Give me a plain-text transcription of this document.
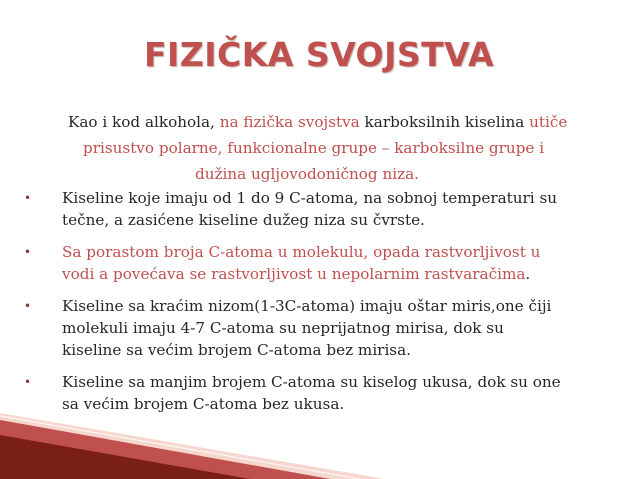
FIZIČKA SVOJSTVA
Kao i kod alkohola, na fizička svojstva karboksilnih kiselina utiče
prisustvo polarne, funkcionalne grupe – karboksilne grupe i
dužina ugljovodoničnog niza.
•	Kiseline koje imaju od 1 do 9 C-atoma, na sobnoj temperaturi su
tečne, a zasićene kiseline dužeg niza su čvrste.
•	Sa porastom broja C-atoma u molekulu, opada rastvorljivost u
vodi a povećava se rastvorljivost u nepolarnim rastvaračima.
•	Kiseline sa kraćim nizom(1-3C-atoma) imaju oštar miris,one čiji
molekuli imaju 4-7 C-atoma su neprijatnog mirisa, dok su
kiseline sa većim brojem C-atoma bez mirisa.
•	Kiseline sa manjim brojem C-atoma su kiselog ukusa, dok su one
sa većim brojem C-atoma bez ukusa.
